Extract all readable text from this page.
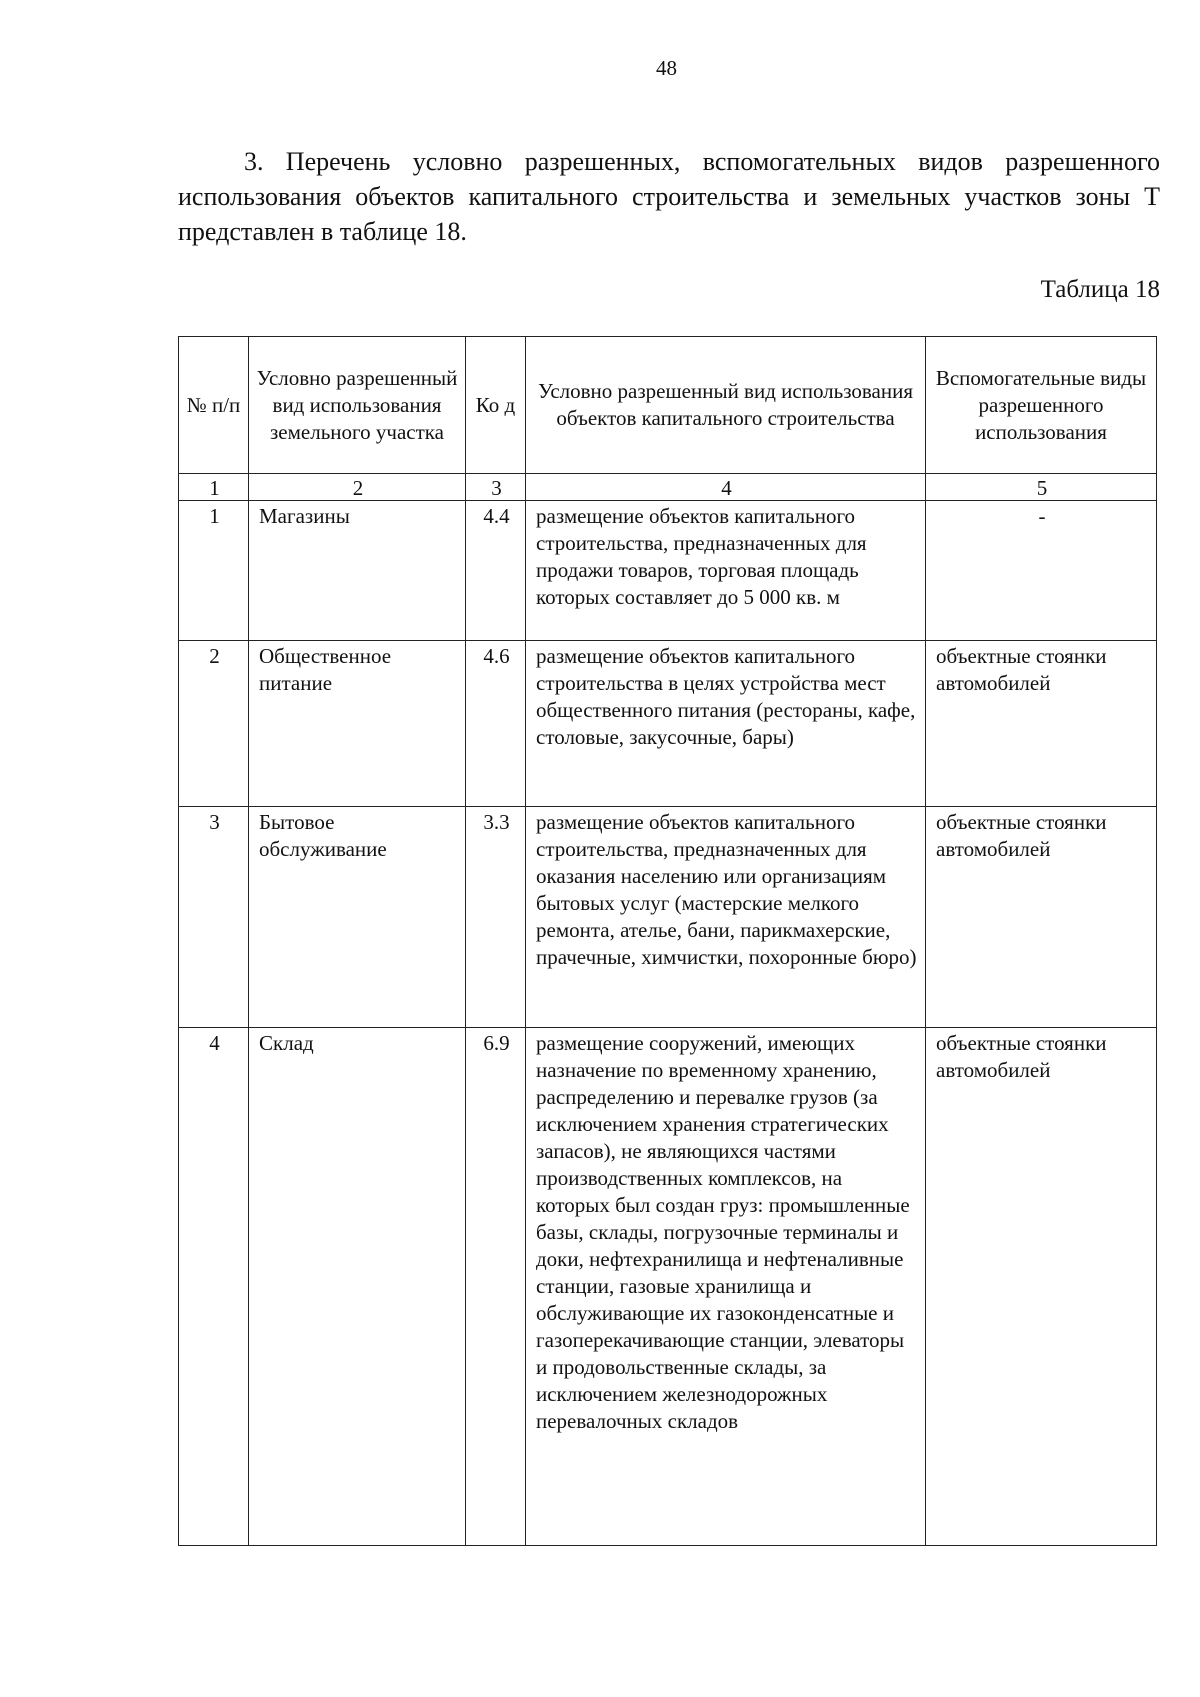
48

3. Перечень условно разрешенных, вспомогательных видов разрешенного использования объектов капитального строительства и земельных участков зоны Т представлен в таблице 18.

Таблица 18

№ п/п	Условно разрешенный вид использования земельного участка	Ко д	Условно разрешенный вид использования объектов капитального строительства	Вспомогательные виды разрешенного использования
1	2	3	4	5
1	Магазины	4.4	размещение объектов капитального строительства, предназначенных для продажи товаров, торговая площадь которых составляет до 5 000 кв. м	-
2	Общественное питание	4.6	размещение объектов капитального строительства в целях устройства мест общественного питания (рестораны, кафе, столовые, закусочные, бары)	объектные стоянки автомобилей
3	Бытовое обслуживание	3.3	размещение объектов капитального строительства, предназначенных для оказания населению или организациям бытовых услуг (мастерские мелкого ремонта, ателье, бани, парикмахерские, прачечные, химчистки, похоронные бюро)	объектные стоянки автомобилей
4	Склад	6.9	размещение сооружений, имеющих назначение по временному хранению, распределению и перевалке грузов (за исключением хранения стратегических запасов), не являющихся частями производственных комплексов, на которых был создан груз: промышленные базы, склады, погрузочные терминалы и доки, нефтехранилища и нефтеналивные станции, газовые хранилища и обслуживающие их газоконденсатные и газоперекачивающие станции, элеваторы и продовольственные склады, за исключением железнодорожных перевалочных складов	объектные стоянки автомобилей
